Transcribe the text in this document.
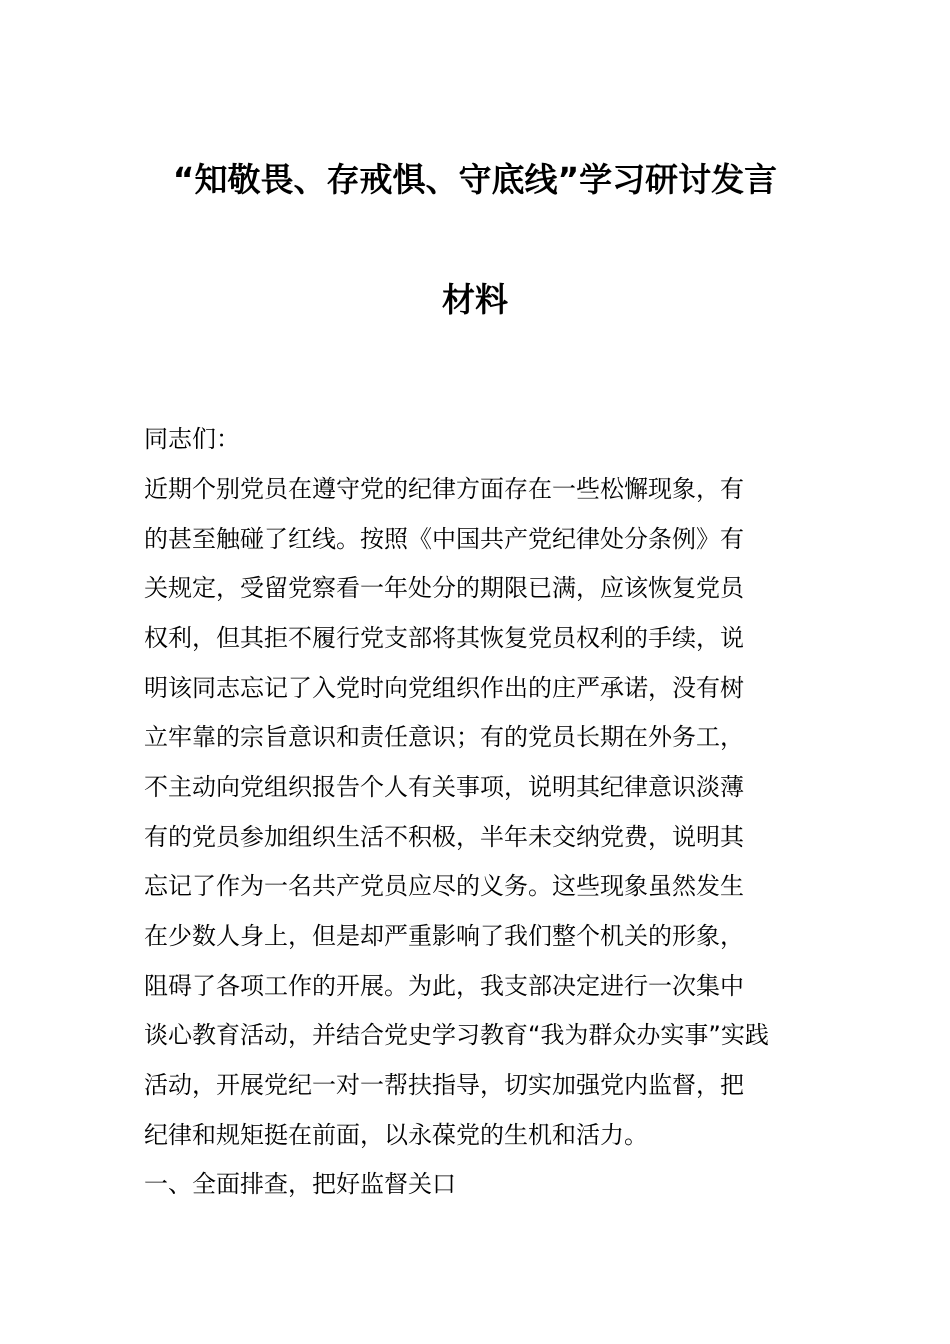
“知敬畏、存戒惧、守底线”学习研讨发言
材料
同志们：
近期个别党员在遵守党的纪律方面存在一些松懈现象，有
的甚至触碰了红线。按照《中国共产党纪律处分条例》有
关规定，受留党察看一年处分的期限已满，应该恢复党员
权利，但其拒不履行党支部将其恢复党员权利的手续，说
明该同志忘记了入党时向党组织作出的庄严承诺，没有树
立牢靠的宗旨意识和责任意识；有的党员长期在外务工，
不主动向党组织报告个人有关事项，说明其纪律意识淡薄
有的党员参加组织生活不积极，半年未交纳党费，说明其
忘记了作为一名共产党员应尽的义务。这些现象虽然发生
在少数人身上，但是却严重影响了我们整个机关的形象，
阻碍了各项工作的开展。为此，我支部决定进行一次集中
谈心教育活动，并结合党史学习教育“我为群众办实事”实践
活动，开展党纪一对一帮扶指导，切实加强党内监督，把
纪律和规矩挺在前面，以永葆党的生机和活力。
一、全面排查，把好监督关口
